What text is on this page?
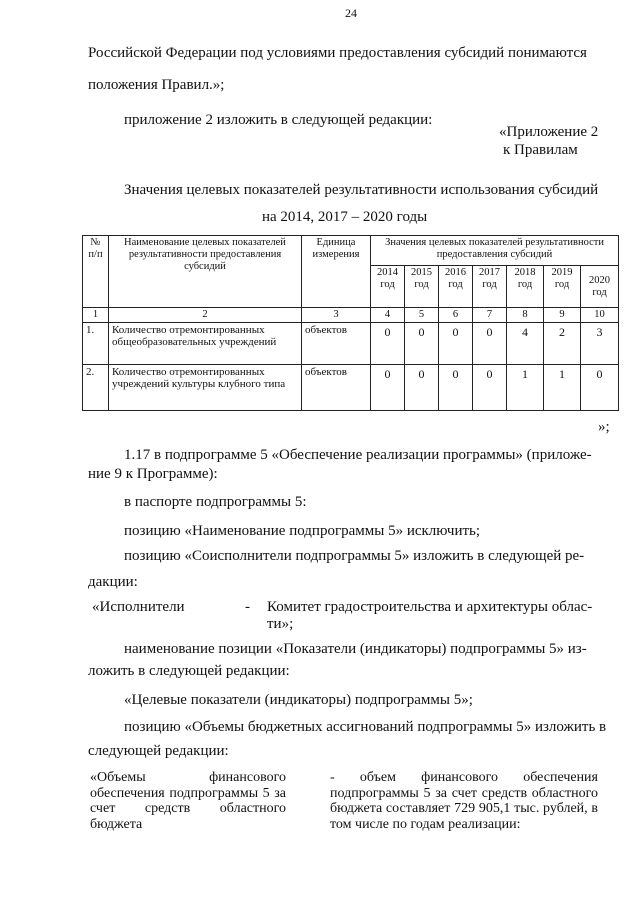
24
Российской Федерации под условиями предоставления субсидий понимаются
положения Правил.»;
приложение 2 изложить в следующей редакции:
«Приложение 2
к Правилам
Значения целевых показателей результативности использования субсидий
на 2014, 2017 – 2020 годы
№ п/п	Наименование целевых показателей результативности предоставления субсидий	Единица измерения	Значения целевых показателей результативности предоставления субсидий						
			2014 год	2015 год	2016 год	2017 год	2018 год	2019 год	2020 год
1	2	3	4	5	6	7	8	9	10
1.	Количество отремонтированных общеобразовательных учреждений	объектов	0	0	0	0	4	2	3
2.	Количество отремонтированных учреждений культуры клубного типа	объектов	0	0	0	0	1	1	0
»;
1.17 в подпрограмме 5 «Обеспечение реализации программы» (приложе-
ние 9 к Программе):
в паспорте подпрограммы 5:
позицию «Наименование подпрограммы 5» исключить;
позицию «Соисполнители подпрограммы 5» изложить в следующей ре-
дакции:
«Исполнители	- Комитет градостроительства и архитектуры облас-
ти»;
наименование позиции «Показатели (индикаторы) подпрограммы 5» из-
ложить в следующей редакции:
«Целевые показатели (индикаторы) подпрограммы 5»;
позицию «Объемы бюджетных ассигнований подпрограммы 5» изложить в
следующей редакции:
«Объемы финансового обеспечения подпрограммы 5 за счет средств областного бюджета
- объем финансового обеспечения подпрограммы 5 за счет средств областного бюджета составляет 729 905,1 тыс. рублей, в том числе по годам реализации:
